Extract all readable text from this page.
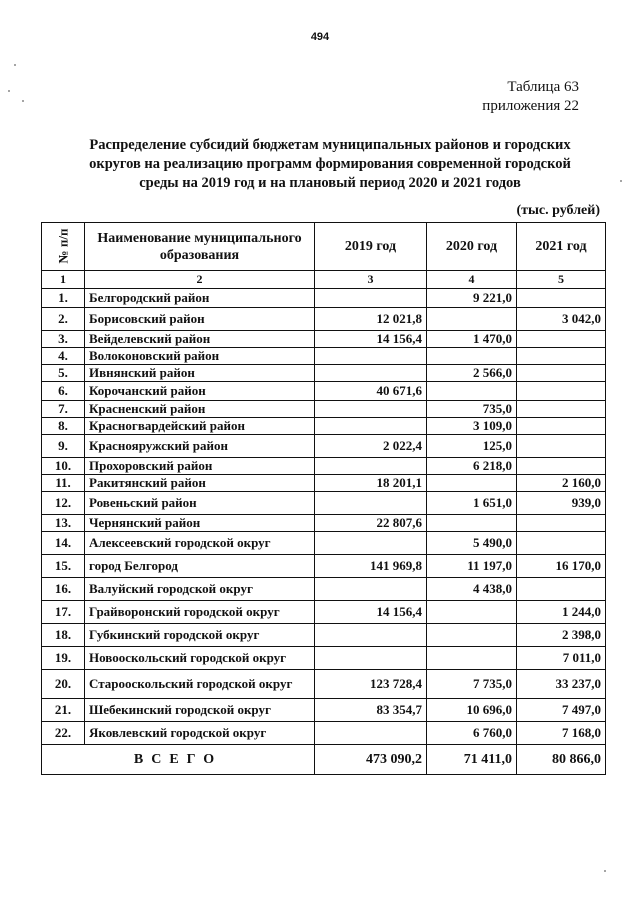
494
Таблица 63
приложения 22
Распределение субсидий бюджетам муниципальных районов и городских
округов на реализацию программ формирования современной городской
среды на 2019 год и на плановый период 2020 и 2021 годов
(тыс. рублей)
№ п/п	Наименование муниципального образования	2019 год	2020 год	2021 год
1	2	3	4	5
1.	Белгородский район		9 221,0	
2.	Борисовский район	12 021,8		3 042,0
3.	Вейделевский район	14 156,4	1 470,0	
4.	Волоконовский район			
5.	Ивнянский район		2 566,0	
6.	Корочанский район	40 671,6		
7.	Красненский район		735,0	
8.	Красногвардейский район		3 109,0	
9.	Краснояружский район	2 022,4	125,0	
10.	Прохоровский район		6 218,0	
11.	Ракитянский район	18 201,1		2 160,0
12.	Ровеньский район		1 651,0	939,0
13.	Чернянский район	22 807,6		
14.	Алексеевский городской округ		5 490,0	
15.	город Белгород	141 969,8	11 197,0	16 170,0
16.	Валуйский городской округ		4 438,0	
17.	Грайворонский городской округ	14 156,4		1 244,0
18.	Губкинский городской округ			2 398,0
19.	Новооскольский городской округ			7 011,0
20.	Старооскольский городской округ	123 728,4	7 735,0	33 237,0
21.	Шебекинский городской округ	83 354,7	10 696,0	7 497,0
22.	Яковлевский городской округ		6 760,0	7 168,0
ВСЕГО		473 090,2	71 411,0	80 866,0
